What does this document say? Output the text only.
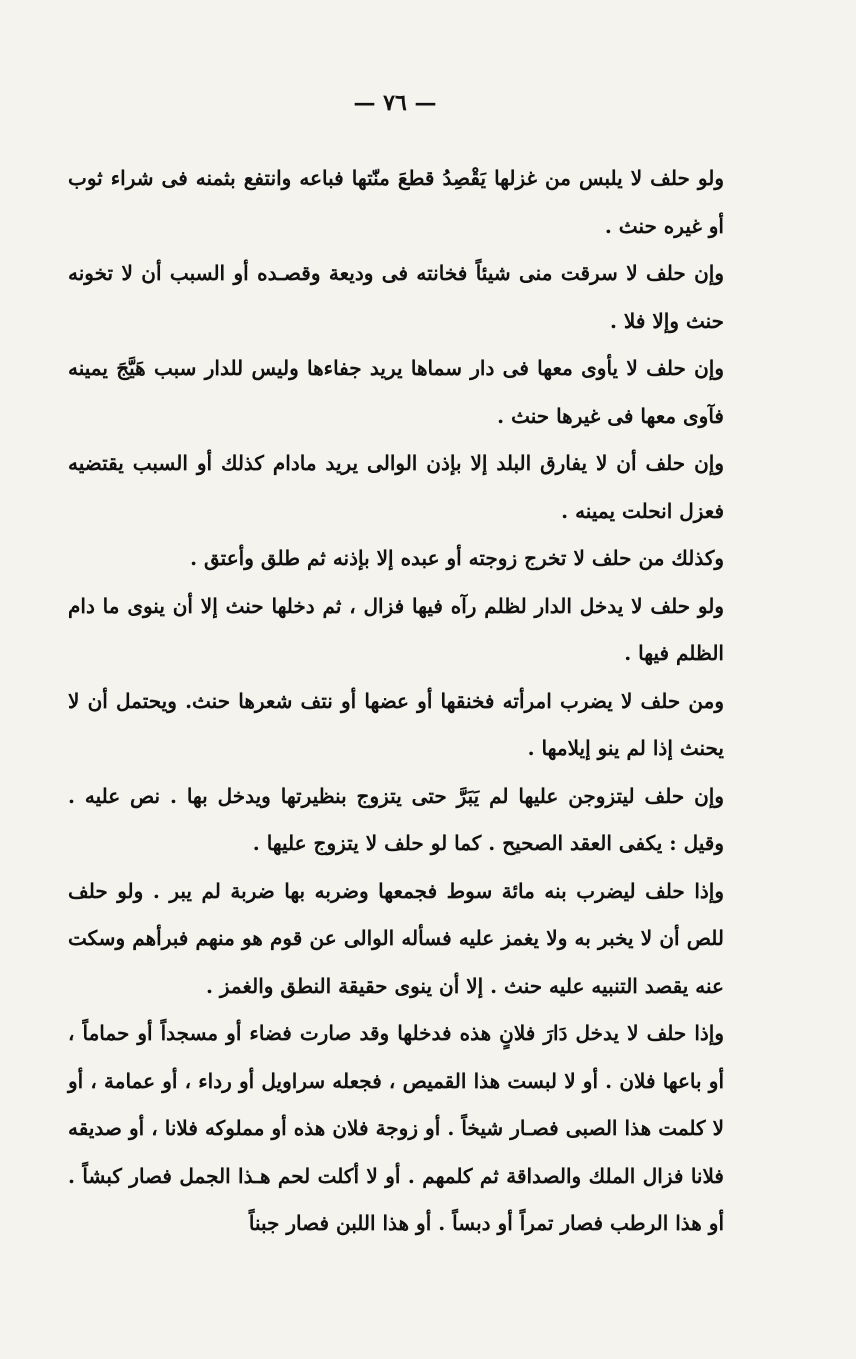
— ٧٦ —

ولو حلف لا يلبس من غزلها يَقْصِدُ قطعَ منّتها فباعه وانتفع بثمنه فى شراء ثوب أو غيره حنث .

وإن حلف لا سرقت منى شيئاً فخانته فى وديعة وقصـده أو السبب أن لا تخونه حنث وإلا فلا .

وإن حلف لا يأوى معها فى دار سماها يريد جفاءها وليس للدار سبب هَيَّجَ يمينه فآوى معها فى غيرها حنث .

وإن حلف أن لا يفارق البلد إلا بإذن الوالى يريد مادام كذلك أو السبب يقتضيه فعزل انحلت يمينه .

وكذلك من حلف لا تخرج زوجته أو عبده إلا بإذنه ثم طلق وأعتق .

ولو حلف لا يدخل الدار لظلم رآه فيها فزال ، ثم دخلها حنث إلا أن ينوى ما دام الظلم فيها .

ومن حلف لا يضرب امرأته فخنقها أو عضها أو نتف شعرها حنث. ويحتمل أن لا يحنث إذا لم ينو إيلامها .

وإن حلف ليتزوجن عليها لم يَبَرَّ حتى يتزوج بنظيرتها ويدخل بها . نص عليه . وقيل : يكفى العقد الصحيح . كما لو حلف لا يتزوج عليها .

وإذا حلف ليضرب بنه مائة سوط فجمعها وضربه بها ضربة لم يبر . ولو حلف للص أن لا يخبر به ولا يغمز عليه فسأله الوالى عن قوم هو منهم فبرأهم وسكت عنه يقصد التنبيه عليه حنث . إلا أن ينوى حقيقة النطق والغمز .

وإذا حلف لا يدخل دَارَ فلانٍ هذه فدخلها وقد صارت فضاء أو مسجداً أو حماماً ، أو باعها فلان . أو لا لبست هذا القميص ، فجعله سراويل أو رداء ، أو عمامة ، أو لا كلمت هذا الصبى فصـار شيخاً . أو زوجة فلان هذه أو مملوكه فلانا ، أو صديقه فلانا فزال الملك والصداقة ثم كلمهم . أو لا أكلت لحم هـذا الجمل فصار كبشاً . أو هذا الرطب فصار تمراً أو دبساً . أو هذا اللبن فصار جبناً
